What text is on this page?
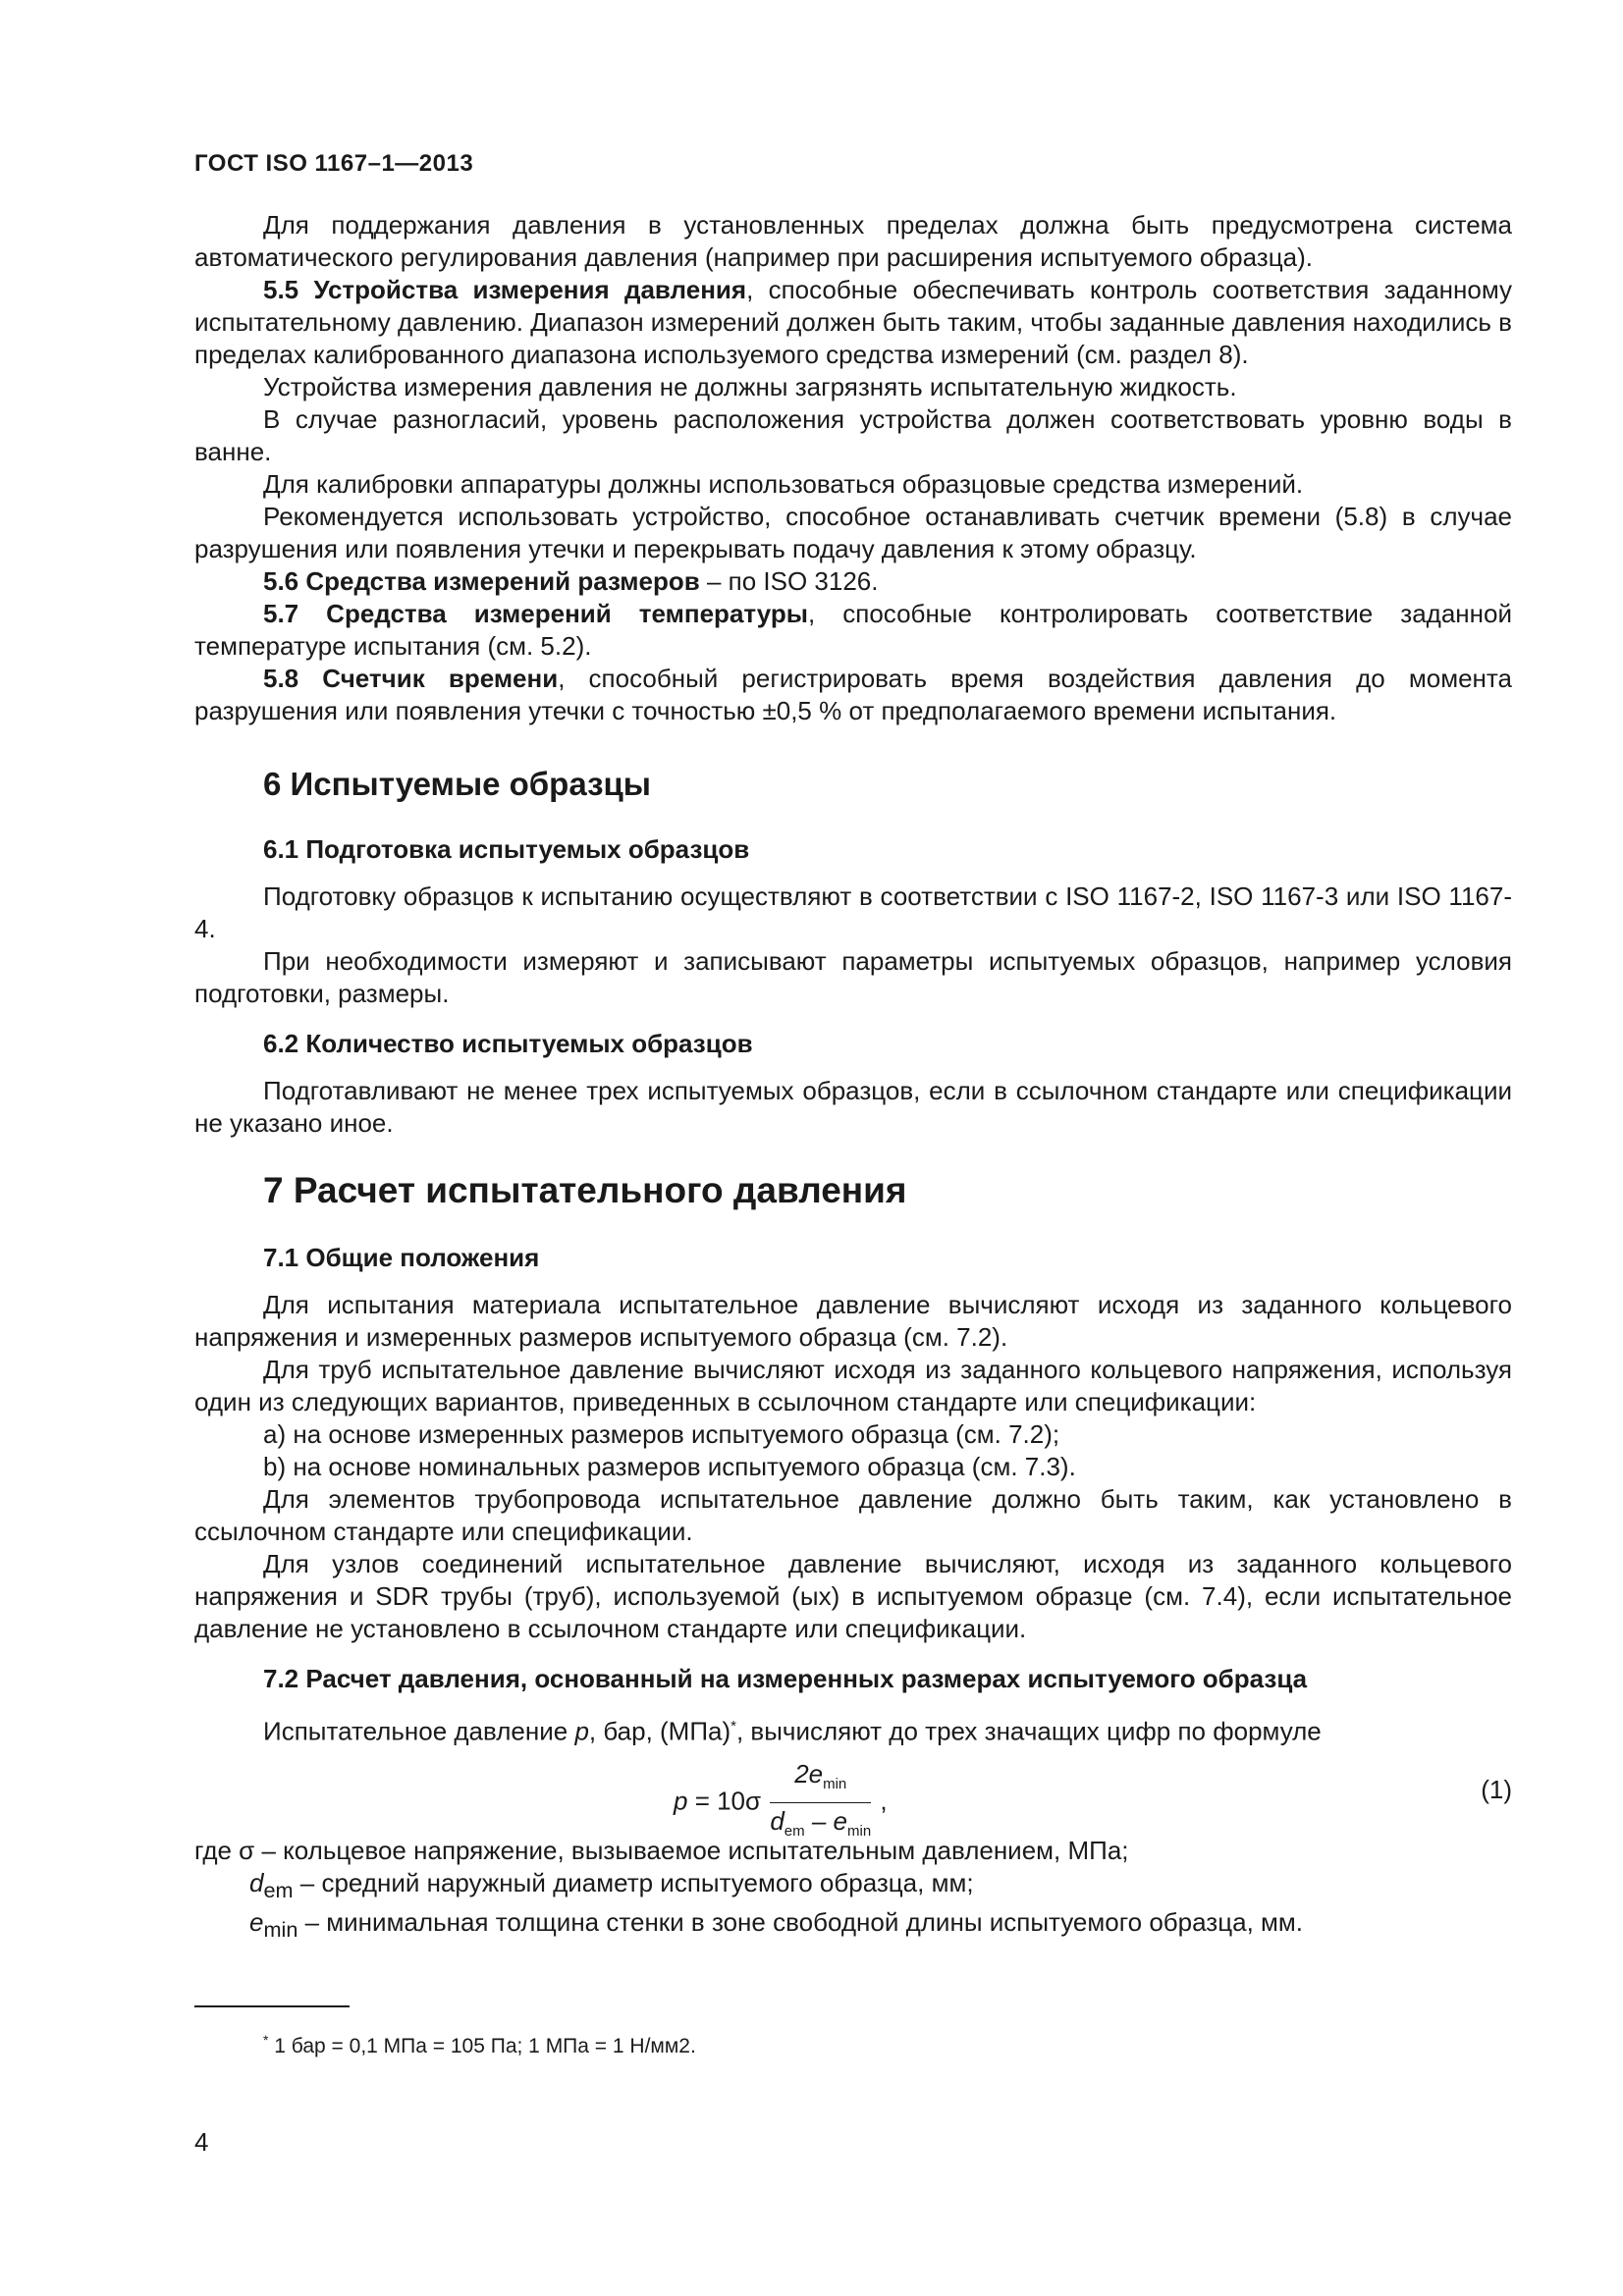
ГОСТ ISO 1167–1—2013

Для поддержания давления в установленных пределах должна быть предусмотрена система автоматического регулирования давления (например при расширения испытуемого образца).

5.5 Устройства измерения давления, способные обеспечивать контроль соответствия заданному испытательному давлению. Диапазон измерений должен быть таким, чтобы заданные давления находились в пределах калиброванного диапазона используемого средства измерений (см. раздел 8).

Устройства измерения давления не должны загрязнять испытательную жидкость.

В случае разногласий, уровень расположения устройства должен соответствовать уровню воды в ванне.

Для калибровки аппаратуры должны использоваться образцовые средства измерений.

Рекомендуется использовать устройство, способное останавливать счетчик времени (5.8) в случае разрушения или появления утечки и перекрывать подачу давления к этому образцу.

5.6 Средства измерений размеров – по ISO 3126.

5.7 Средства измерений температуры, способные контролировать соответствие заданной температуре испытания (см. 5.2).

5.8 Счетчик времени, способный регистрировать время воздействия давления до момента разрушения или появления утечки с точностью ±0,5 % от предполагаемого времени испытания.

6 Испытуемые образцы
6.1 Подготовка испытуемых образцов

Подготовку образцов к испытанию осуществляют в соответствии с ISO 1167-2, ISO 1167-3 или ISO 1167-4.

При необходимости измеряют и записывают параметры испытуемых образцов, например условия подготовки, размеры.

6.2 Количество испытуемых образцов

Подготавливают не менее трех испытуемых образцов, если в ссылочном стандарте или спецификации не указано иное.

7 Расчет испытательного давления
7.1 Общие положения

Для испытания материала испытательное давление вычисляют исходя из заданного кольцевого напряжения и измеренных размеров испытуемого образца (см. 7.2).

Для труб испытательное давление вычисляют исходя из заданного кольцевого напряжения, используя один из следующих вариантов, приведенных в ссылочном стандарте или спецификации:

a) на основе измеренных размеров испытуемого образца (см. 7.2);

b) на основе номинальных размеров испытуемого образца (см. 7.3).

Для элементов трубопровода испытательное давление должно быть таким, как установлено в ссылочном стандарте или спецификации.

Для узлов соединений испытательное давление вычисляют, исходя из заданного кольцевого напряжения и SDR трубы (труб), используемой (ых) в испытуемом образце (см. 7.4), если испытательное давление не установлено в ссылочном стандарте или спецификации.

7.2 Расчет давления, основанный на измеренных размерах испытуемого образца

Испытательное давление p, бар, (МПа)*, вычисляют до трех значащих цифр по формуле

$p = 10\sigma \frac{2e_{min}}{d_{em} - e_{min}}$ ,	(1)

где σ – кольцевое напряжение, вызываемое испытательным давлением, МПа;

$d_{em}$ – средний наружный диаметр испытуемого образца, мм;

$e_{min}$ – минимальная толщина стенки в зоне свободной длины испытуемого образца, мм.

* 1 бар = 0,1 МПа = 105 Па; 1 МПа = 1 Н/мм2.
4
